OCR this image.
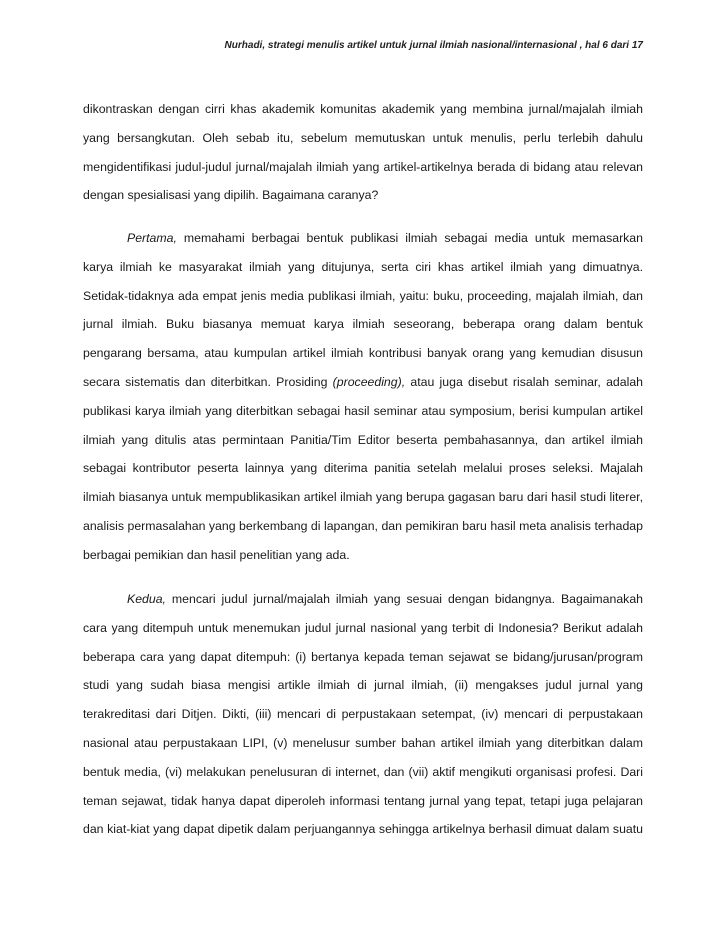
Nurhadi, strategi menulis artikel untuk jurnal ilmiah nasional/internasional , hal 6 dari 17

dikontraskan dengan cirri khas akademik komunitas akademik yang membina jurnal/majalah ilmiah yang bersangkutan. Oleh sebab itu, sebelum memutuskan untuk menulis, perlu terlebih dahulu mengidentifikasi judul-judul jurnal/majalah ilmiah yang artikel-artikelnya berada di bidang atau relevan dengan spesialisasi yang dipilih. Bagaimana caranya?

Pertama, memahami berbagai bentuk publikasi ilmiah sebagai media untuk memasarkan karya ilmiah ke masyarakat ilmiah yang ditujunya, serta ciri khas artikel ilmiah yang dimuatnya. Setidak-tidaknya ada empat jenis media publikasi ilmiah, yaitu: buku, proceeding, majalah ilmiah, dan jurnal ilmiah. Buku biasanya memuat karya ilmiah seseorang, beberapa orang dalam bentuk pengarang bersama, atau kumpulan artikel ilmiah kontribusi banyak orang yang kemudian disusun secara sistematis dan diterbitkan. Prosiding (proceeding), atau juga disebut risalah seminar, adalah publikasi karya ilmiah yang diterbitkan sebagai hasil seminar atau symposium, berisi kumpulan artikel ilmiah yang ditulis atas permintaan Panitia/Tim Editor beserta pembahasannya, dan artikel ilmiah sebagai kontributor peserta lainnya yang diterima panitia setelah melalui proses seleksi. Majalah ilmiah biasanya untuk mempublikasikan artikel ilmiah yang berupa gagasan baru dari hasil studi literer, analisis permasalahan yang berkembang di lapangan, dan pemikiran baru hasil meta analisis terhadap berbagai pemikian dan hasil penelitian yang ada.

Kedua, mencari judul jurnal/majalah ilmiah yang sesuai dengan bidangnya. Bagaimanakah cara yang ditempuh untuk menemukan judul jurnal nasional yang terbit di Indonesia? Berikut adalah beberapa cara yang dapat ditempuh: (i) bertanya kepada teman sejawat se bidang/jurusan/program studi yang sudah biasa mengisi artikle ilmiah di jurnal ilmiah, (ii) mengakses judul jurnal yang terakreditasi dari Ditjen. Dikti, (iii) mencari di perpustakaan setempat, (iv) mencari di perpustakaan nasional atau perpustakaan LIPI, (v) menelusur sumber bahan artikel ilmiah yang diterbitkan dalam bentuk media, (vi) melakukan penelusuran di internet, dan (vii) aktif mengikuti organisasi profesi. Dari teman sejawat, tidak hanya dapat diperoleh informasi tentang jurnal yang tepat, tetapi juga pelajaran dan kiat-kiat yang dapat dipetik dalam perjuangannya sehingga artikelnya berhasil dimuat dalam suatu
